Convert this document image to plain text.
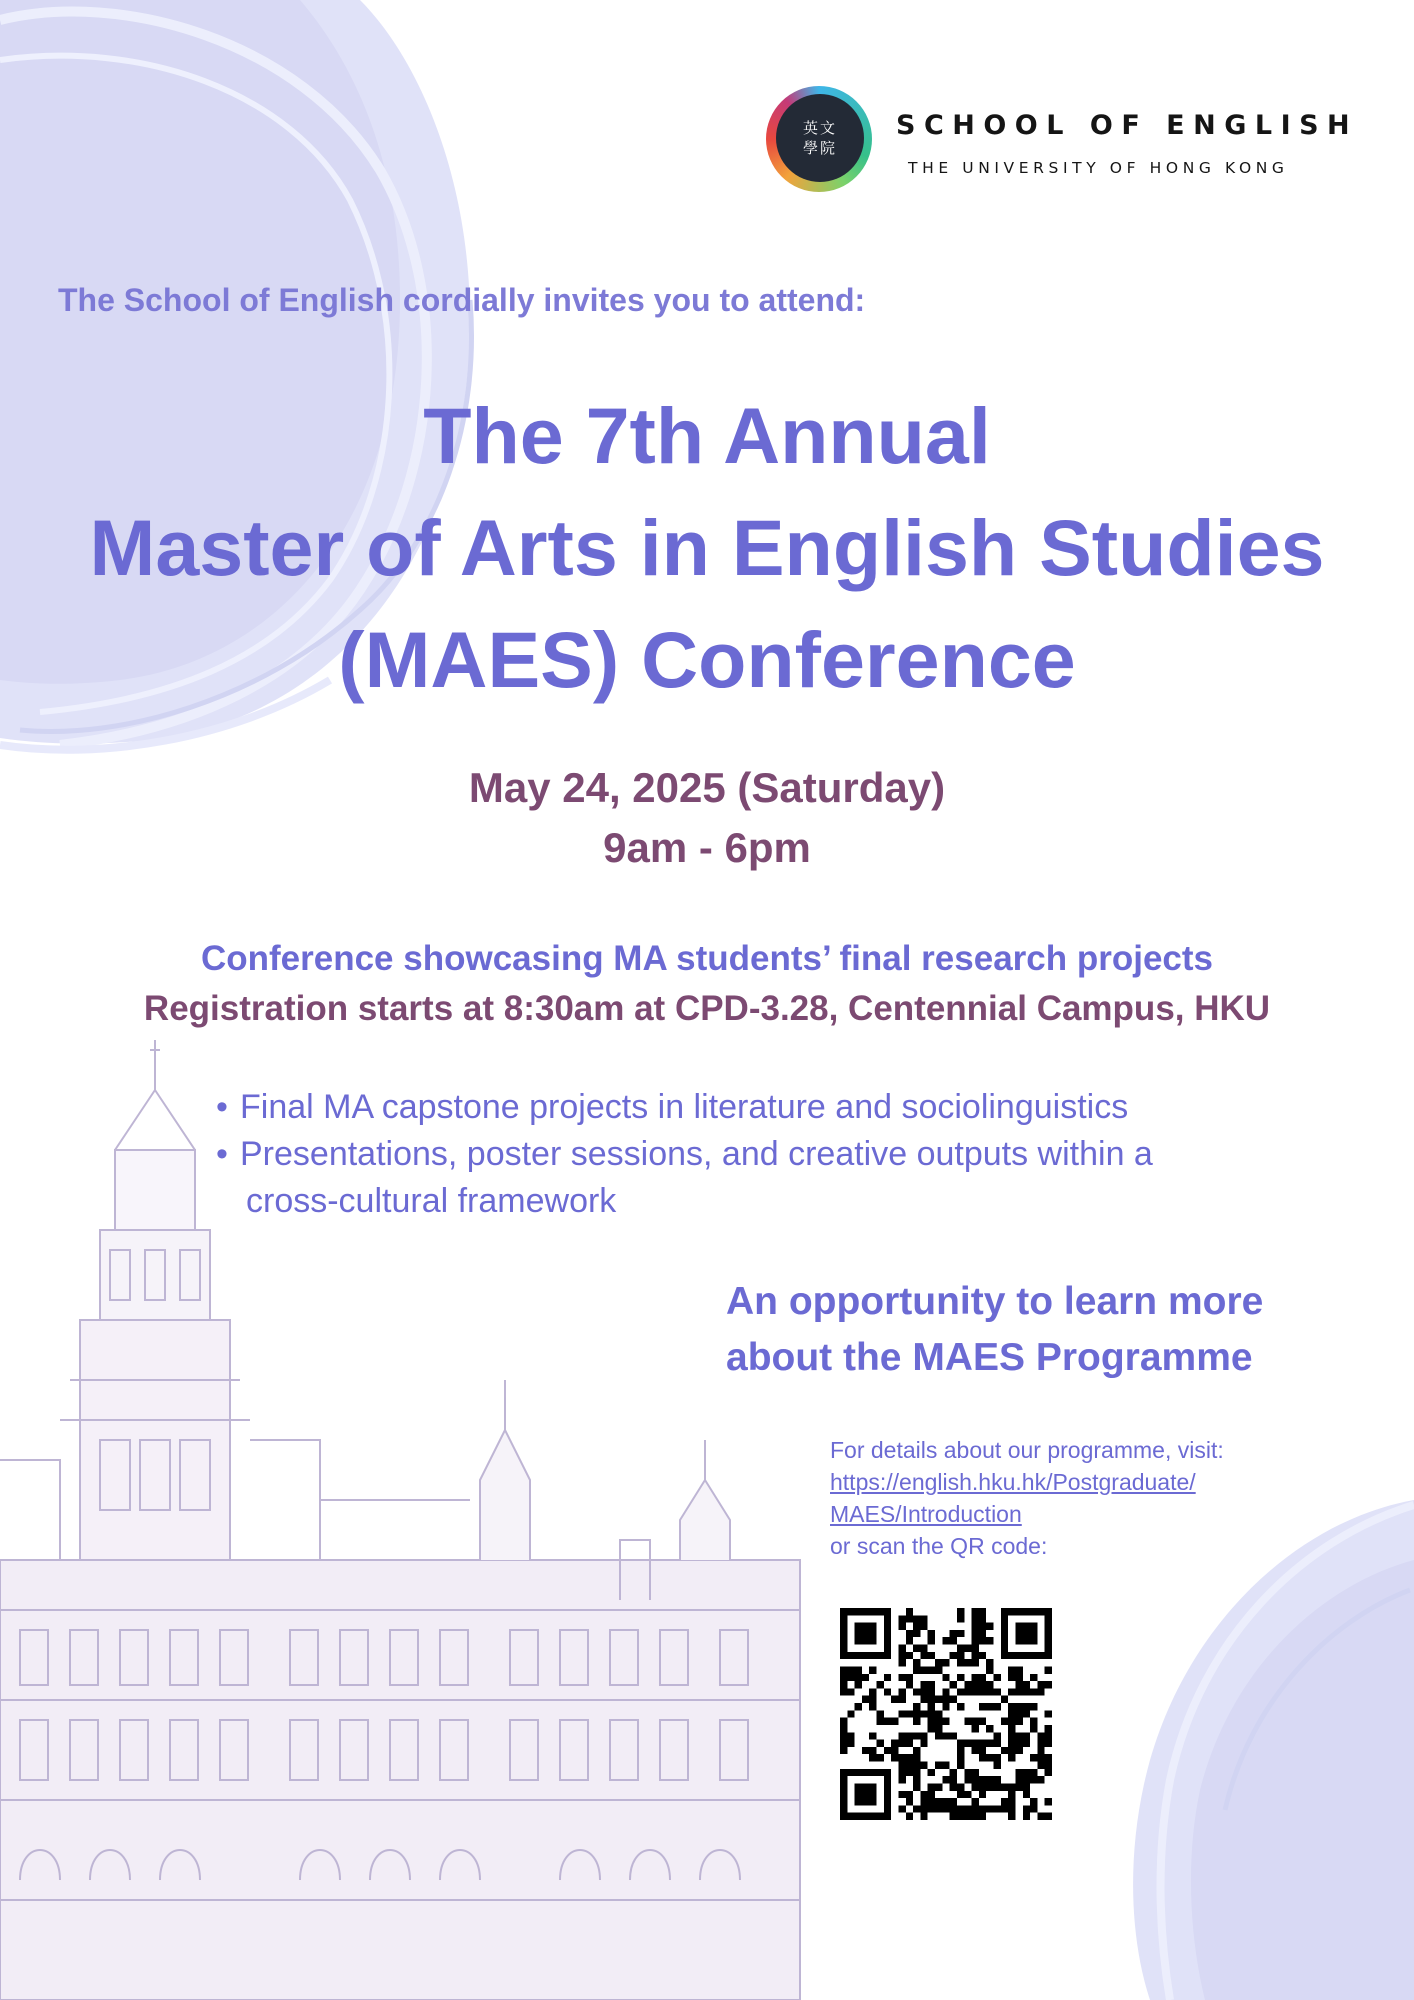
英文
學院
SCHOOL OF ENGLISH
THE UNIVERSITY OF HONG KONG
The School of English cordially invites you to attend:
The 7th Annual
Master of Arts in English Studies
(MAES) Conference
May 24, 2025 (Saturday)
9am - 6pm
Conference showcasing MA students’ final research projects
Registration starts at 8:30am at CPD-3.28, Centennial Campus, HKU
• Final MA capstone projects in literature and sociolinguistics
• Presentations, poster sessions, and creative outputs within a
cross-cultural framework
An opportunity to learn more
about the MAES Programme
For details about our programme, visit:
https://english.hku.hk/Postgraduate/
MAES/Introduction
or scan the QR code:
